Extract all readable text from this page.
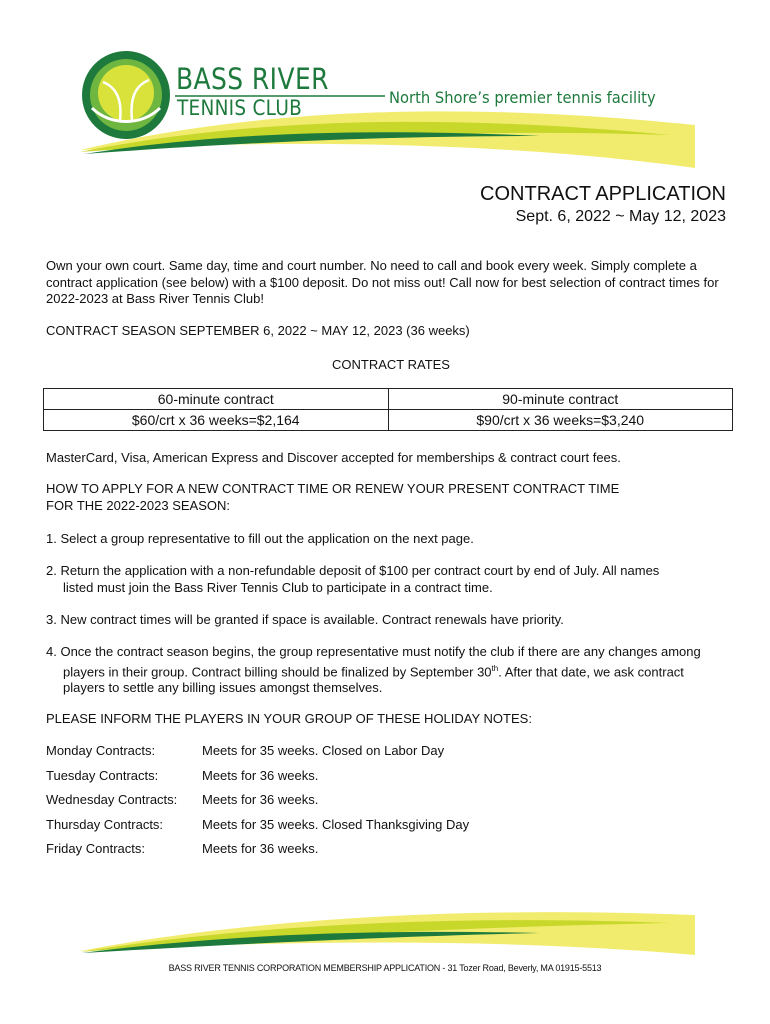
BASS RIVER
TENNIS CLUB	North Shore’s premier tennis facility
CONTRACT APPLICATION
Sept. 6, 2022 ~ May 12, 2023
Own your own court. Same day, time and court number. No need to call and book every week. Simply complete a contract application (see below) with a $100 deposit. Do not miss out! Call now for best selection of contract times for 2022-2023 at Bass River Tennis Club!
CONTRACT SEASON SEPTEMBER 6, 2022 ~ MAY 12, 2023 (36 weeks)
CONTRACT RATES
60-minute contract	90-minute contract
$60/crt x 36 weeks=$2,164	$90/crt x 36 weeks=$3,240
MasterCard, Visa, American Express and Discover accepted for memberships & contract court fees.
HOW TO APPLY FOR A NEW CONTRACT TIME OR RENEW YOUR PRESENT CONTRACT TIME FOR THE 2022-2023 SEASON:
1. Select a group representative to fill out the application on the next page.
2. Return the application with a non-refundable deposit of $100 per contract court by end of July. All names listed must join the Bass River Tennis Club to participate in a contract time.
3. New contract times will be granted if space is available. Contract renewals have priority.
4. Once the contract season begins, the group representative must notify the club if there are any changes among players in their group. Contract billing should be finalized by September 30th. After that date, we ask contract players to settle any billing issues amongst themselves.
PLEASE INFORM THE PLAYERS IN YOUR GROUP OF THESE HOLIDAY NOTES:
Monday Contracts:	Meets for 35 weeks. Closed on Labor Day
Tuesday Contracts:	Meets for 36 weeks.
Wednesday Contracts: Meets for 36 weeks.
Thursday Contracts:	Meets for 35 weeks. Closed Thanksgiving Day
Friday Contracts:	Meets for 36 weeks.
BASS RIVER TENNIS CORPORATION MEMBERSHIP APPLICATION - 31 Tozer Road, Beverly, MA 01915-5513
